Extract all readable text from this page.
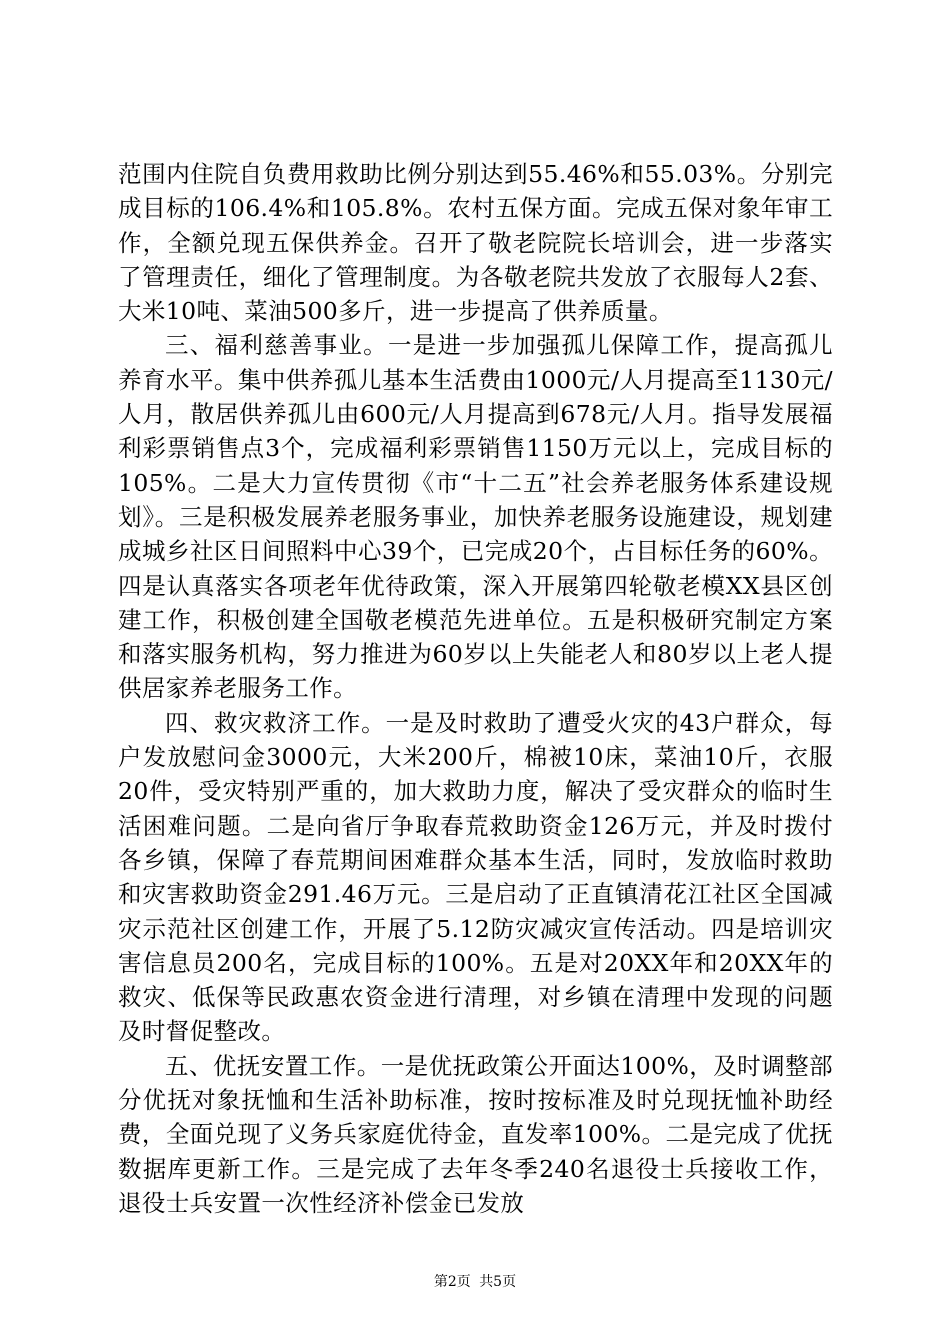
范围内住院自负费用救助比例分别达到55.46%和55.03%。分别完成目标的106.4%和105.8%。农村五保方面。完成五保对象年审工作，全额兑现五保供养金。召开了敬老院院长培训会，进一步落实了管理责任，细化了管理制度。为各敬老院共发放了衣服每人2套、大米10吨、菜油500多斤，进一步提高了供养质量。

三、福利慈善事业。一是进一步加强孤儿保障工作，提高孤儿养育水平。集中供养孤儿基本生活费由1000元/人月提高至1130元/人月，散居供养孤儿由600元/人月提高到678元/人月。指导发展福利彩票销售点3个，完成福利彩票销售1150万元以上，完成目标的105%。二是大力宣传贯彻《市“十二五”社会养老服务体系建设规划》。三是积极发展养老服务事业，加快养老服务设施建设，规划建成城乡社区日间照料中心39个，已完成20个，占目标任务的60%。四是认真落实各项老年优待政策，深入开展第四轮敬老模XX县区创建工作，积极创建全国敬老模范先进单位。五是积极研究制定方案和落实服务机构，努力推进为60岁以上失能老人和80岁以上老人提供居家养老服务工作。

四、救灾救济工作。一是及时救助了遭受火灾的43户群众，每户发放慰问金3000元，大米200斤，棉被10床，菜油10斤，衣服20件，受灾特别严重的，加大救助力度，解决了受灾群众的临时生活困难问题。二是向省厅争取春荒救助资金126万元，并及时拨付各乡镇，保障了春荒期间困难群众基本生活，同时，发放临时救助和灾害救助资金291.46万元。三是启动了正直镇清花江社区全国减灾示范社区创建工作，开展了5.12防灾减灾宣传活动。四是培训灾害信息员200名，完成目标的100%。五是对20XX年和20XX年的救灾、低保等民政惠农资金进行清理，对乡镇在清理中发现的问题及时督促整改。

五、优抚安置工作。一是优抚政策公开面达100%，及时调整部分优抚对象抚恤和生活补助标准，按时按标准及时兑现抚恤补助经费，全面兑现了义务兵家庭优待金，直发率100%。二是完成了优抚数据库更新工作。三是完成了去年冬季240名退役士兵接收工作，退役士兵安置一次性经济补偿金已发放

第2页 共5页
